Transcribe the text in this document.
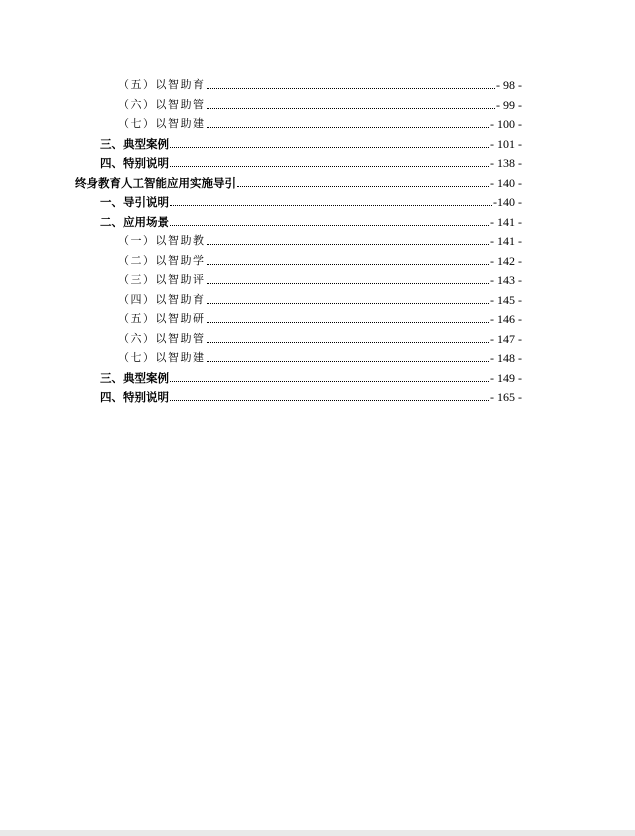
（五）以智助育	- 98 -
（六）以智助管	- 99 -
（七）以智助建	- 100 -
三、典型案例	- 101 -
四、特别说明	- 138 -
终身教育人工智能应用实施导引	- 140 -
一、导引说明	-140 -
二、应用场景	- 141 -
（一）以智助教	- 141 -
（二）以智助学	- 142 -
（三）以智助评	- 143 -
（四）以智助育	- 145 -
（五）以智助研	- 146 -
（六）以智助管	- 147 -
（七）以智助建	- 148 -
三、典型案例	- 149 -
四、特别说明	- 165 -
